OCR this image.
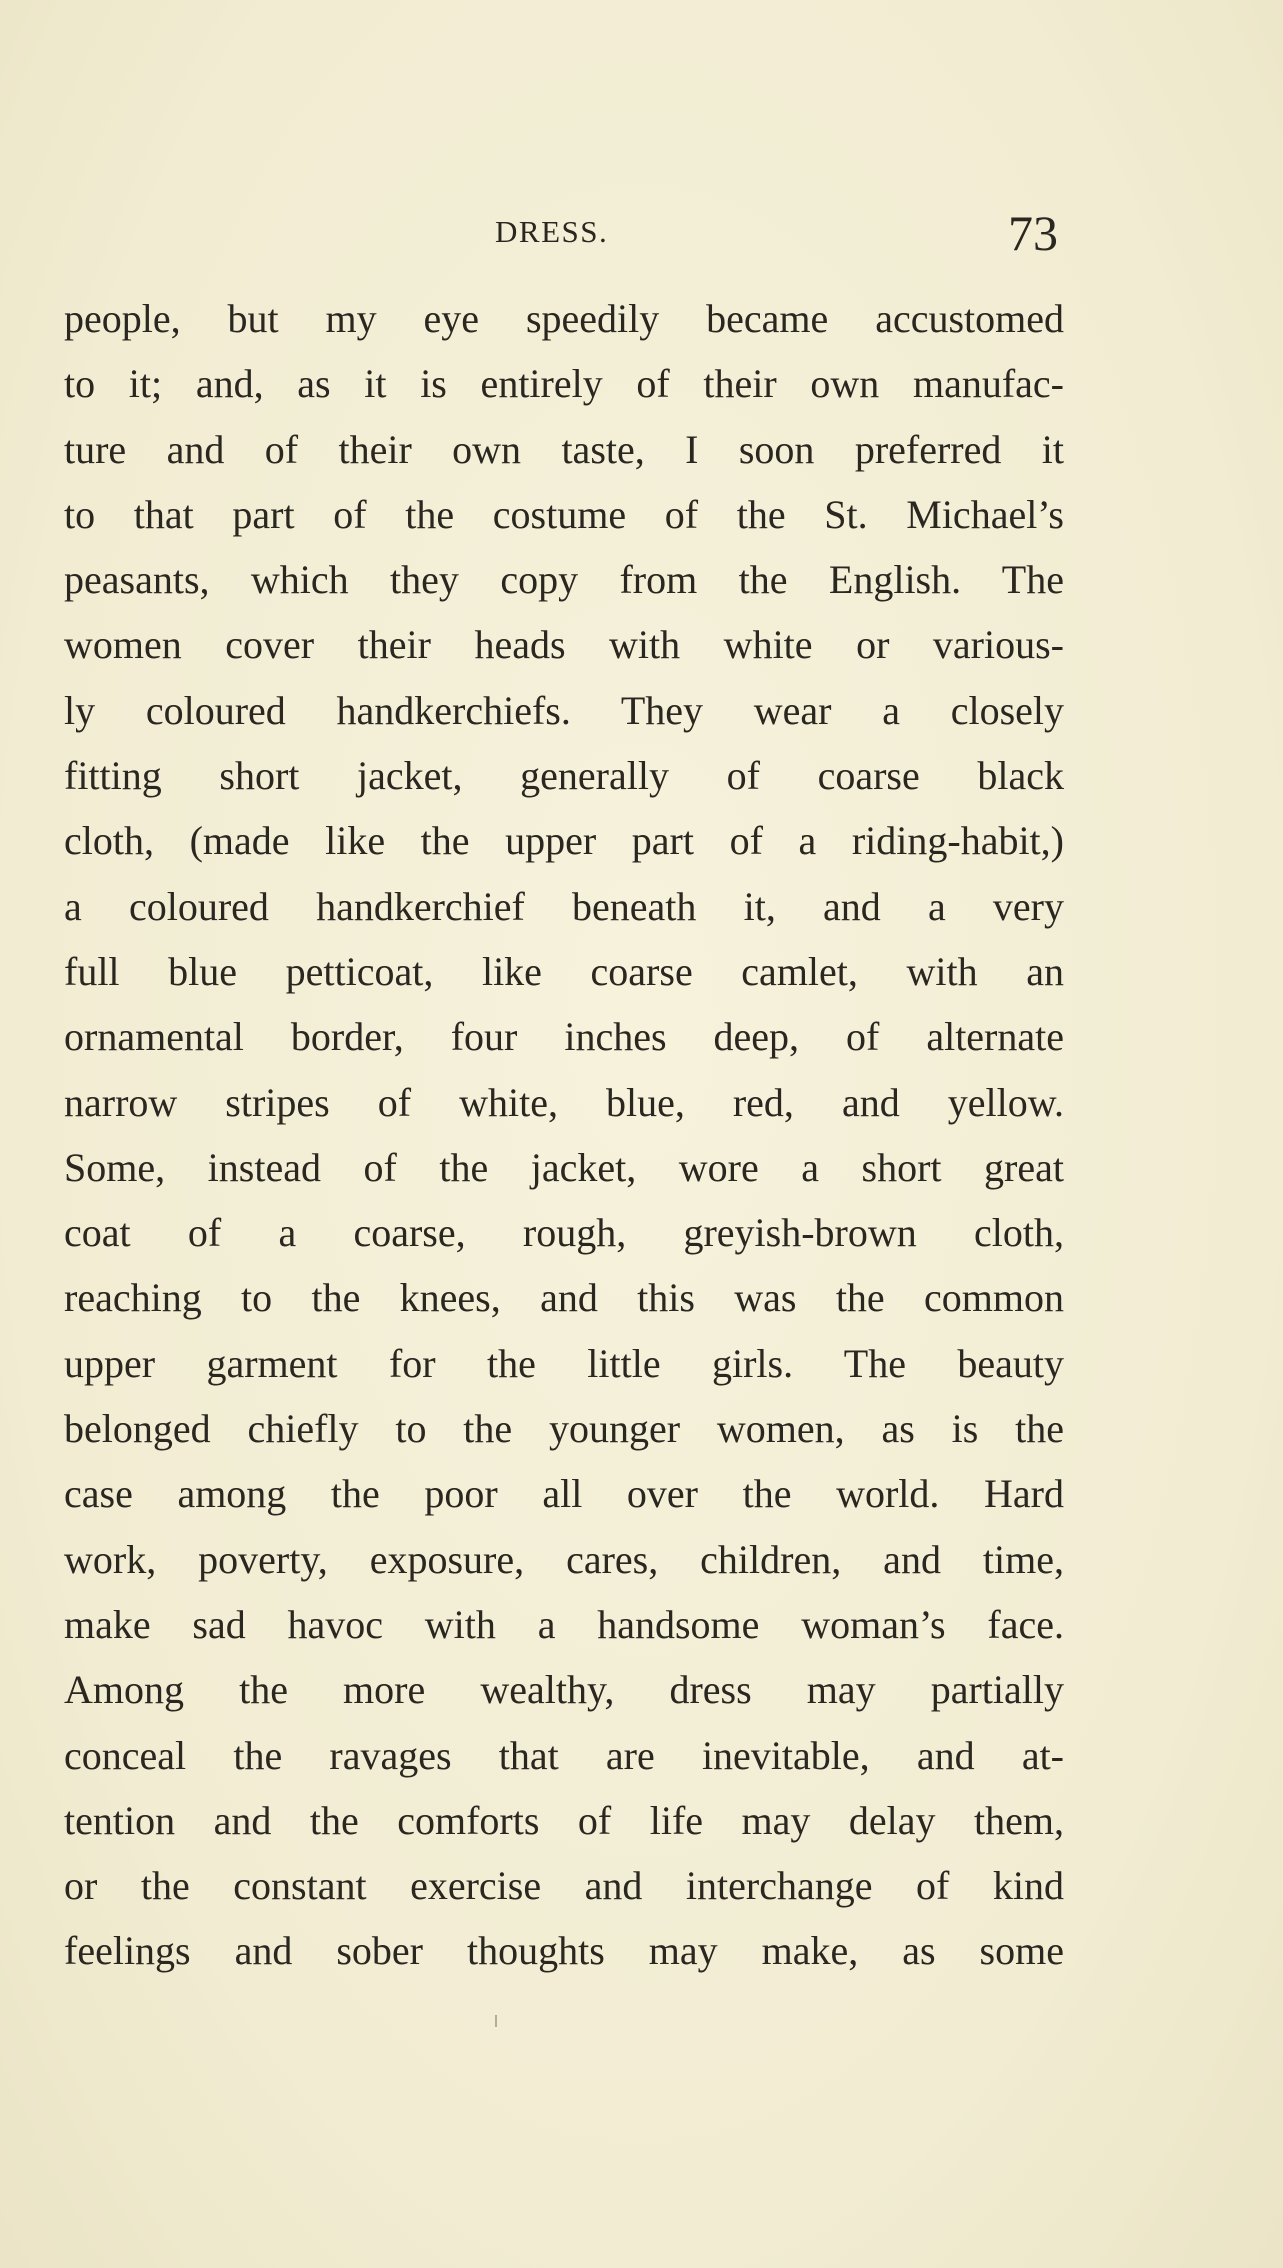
DRESS.	73
people, but my eye speedily became accustomed
to it; and, as it is entirely of their own manufac-
ture and of their own taste, I soon preferred it
to that part of the costume of the St. Michael’s
peasants, which they copy from the English. The
women cover their heads with white or various-
ly coloured handkerchiefs. They wear a closely
fitting short jacket, generally of coarse black
cloth, (made like the upper part of a riding-habit,)
a coloured handkerchief beneath it, and a very
full blue petticoat, like coarse camlet, with an
ornamental border, four inches deep, of alternate
narrow stripes of white, blue, red, and yellow.
Some, instead of the jacket, wore a short great
coat of a coarse, rough, greyish-brown cloth,
reaching to the knees, and this was the common
upper garment for the little girls. The beauty
belonged chiefly to the younger women, as is the
case among the poor all over the world. Hard
work, poverty, exposure, cares, children, and time,
make sad havoc with a handsome woman’s face.
Among the more wealthy, dress may partially
conceal the ravages that are inevitable, and at-
tention and the comforts of life may delay them,
or the constant exercise and interchange of kind
feelings and sober thoughts may make, as some
